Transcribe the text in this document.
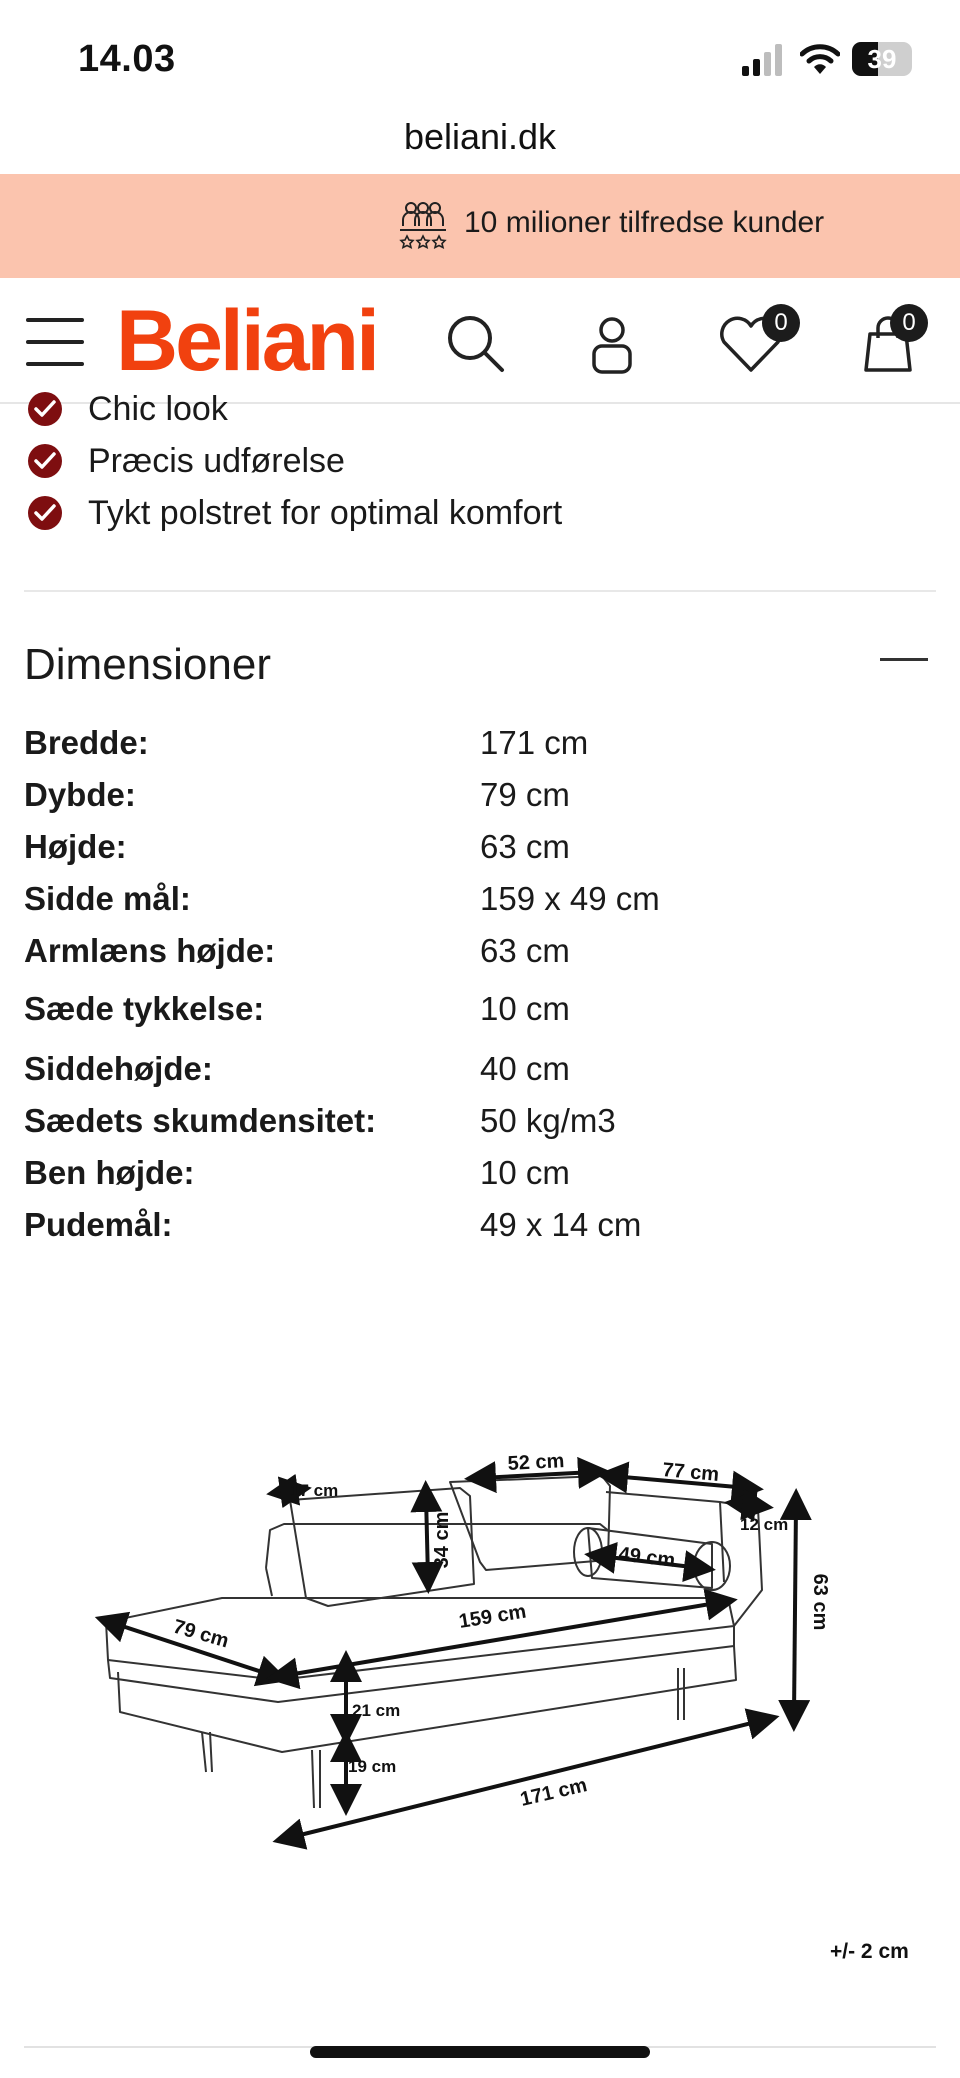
14.03	39
beliani.dk
10 milioner tilfredse kunder
Beliani	0	0
Chic look
Præcis udførelse
Tykt polstret for optimal komfort
Dimensioner
Bredde:	171 cm
Dybde:	79 cm
Højde:	63 cm
Sidde mål:	159 x 49 cm
Armlæns højde:	63 cm
Sæde tykkelse:	10 cm
Siddehøjde:	40 cm
Sædets skumdensitet:	50 kg/m3
Ben højde:	10 cm
Pudemål:	49 x 14 cm
17 cm
34 cm
52 cm	77 cm
12 cm
49 cm
63 cm
79 cm	159 cm
21 cm
19 cm
171 cm
+/- 2 cm
